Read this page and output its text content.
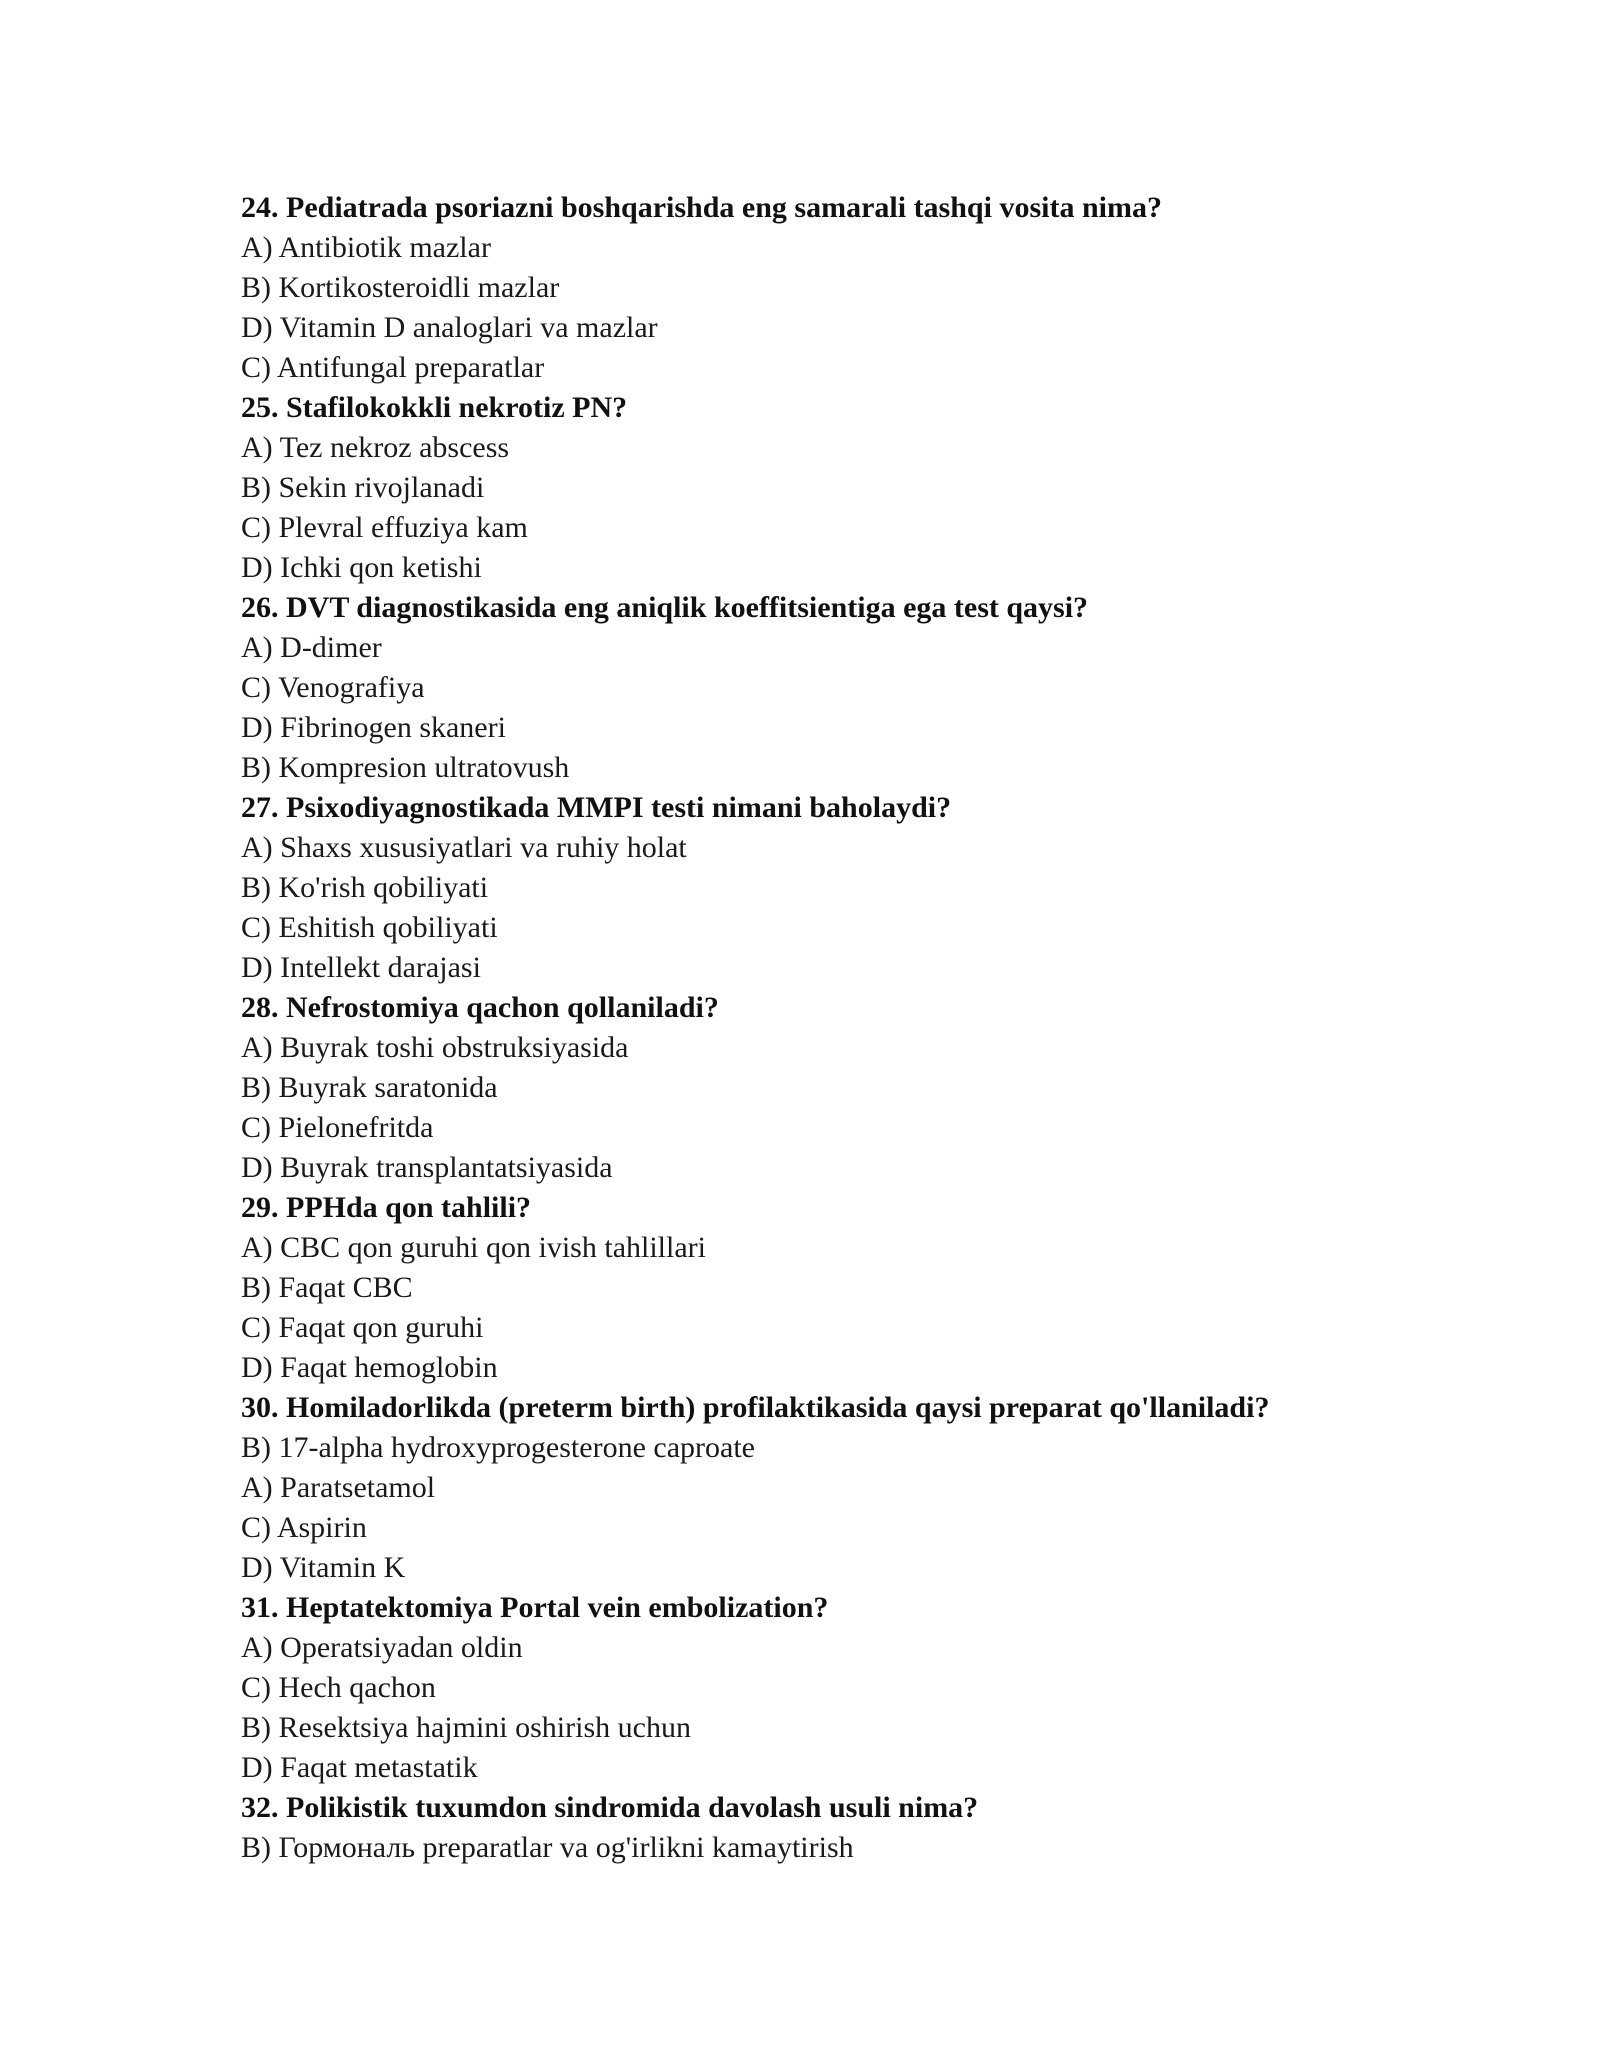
24. Pediatrada psoriazni boshqarishda eng samarali tashqi vosita nima?
A) Antibiotik mazlar
B) Kortikosteroidli mazlar
D) Vitamin D analoglari va mazlar
C) Antifungal preparatlar
25. Stafilokokkli nekrotiz PN?
A) Tez nekroz abscess
B) Sekin rivojlanadi
C) Plevral effuziya kam
D) Ichki qon ketishi
26. DVT diagnostikasida eng aniqlik koeffitsientiga ega test qaysi?
A) D-dimer
C) Venografiya
D) Fibrinogen skaneri
B) Kompresion ultratovush
27. Psixodiyagnostikada MMPI testi nimani baholaydi?
A) Shaxs xususiyatlari va ruhiy holat
B) Ko'rish qobiliyati
C) Eshitish qobiliyati
D) Intellekt darajasi
28. Nefrostomiya qachon qollaniladi?
A) Buyrak toshi obstruksiyasida
B) Buyrak saratonida
C) Pielonefritda
D) Buyrak transplantatsiyasida
29. PPHda qon tahlili?
A) CBC qon guruhi qon ivish tahlillari
B) Faqat CBC
C) Faqat qon guruhi
D) Faqat hemoglobin
30. Homiladorlikda (preterm birth) profilaktikasida qaysi preparat qo'llaniladi?
B) 17-alpha hydroxyprogesterone caproate
A) Paratsetamol
C) Aspirin
D) Vitamin K
31. Heptatektomiya Portal vein embolization?
A) Operatsiyadan oldin
C) Hech qachon
B) Resektsiya hajmini oshirish uchun
D) Faqat metastatik
32. Polikistik tuxumdon sindromida davolash usuli nima?
B) Гормональ preparatlar va og'irlikni kamaytirish
